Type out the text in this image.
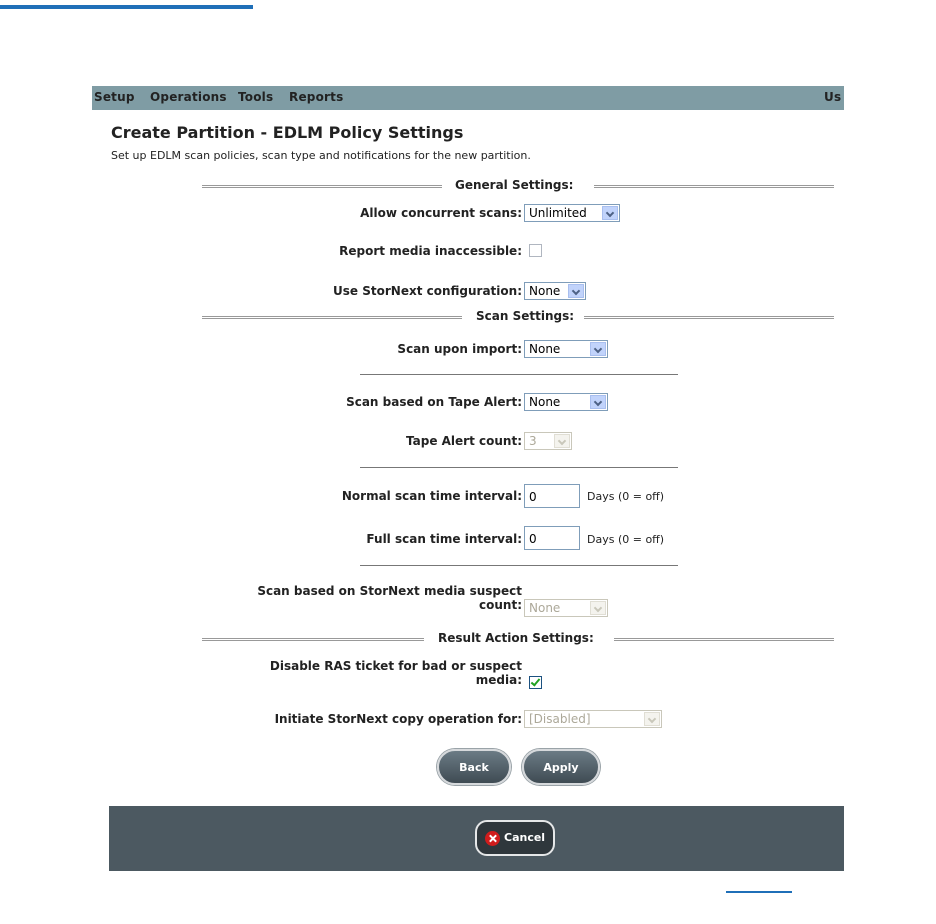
Setup Operations Tools Reports	Us
Create Partition - EDLM Policy Settings
Set up EDLM scan policies, scan type and notifications for the new partition.
General Settings:
Allow concurrent scans: Unlimited
Report media inaccessible:
Use StorNext configuration: None
Scan Settings:
Scan upon import: None
Scan based on Tape Alert: None
Tape Alert count: 3
Normal scan time interval: 0	Days (0 = off)
Full scan time interval: 0	Days (0 = off)
Scan based on StorNext media suspect
count: None
Result Action Settings:
Disable RAS ticket for bad or suspect
media:
Initiate StorNext copy operation for: [Disabled]
Back	Apply
Cancel
